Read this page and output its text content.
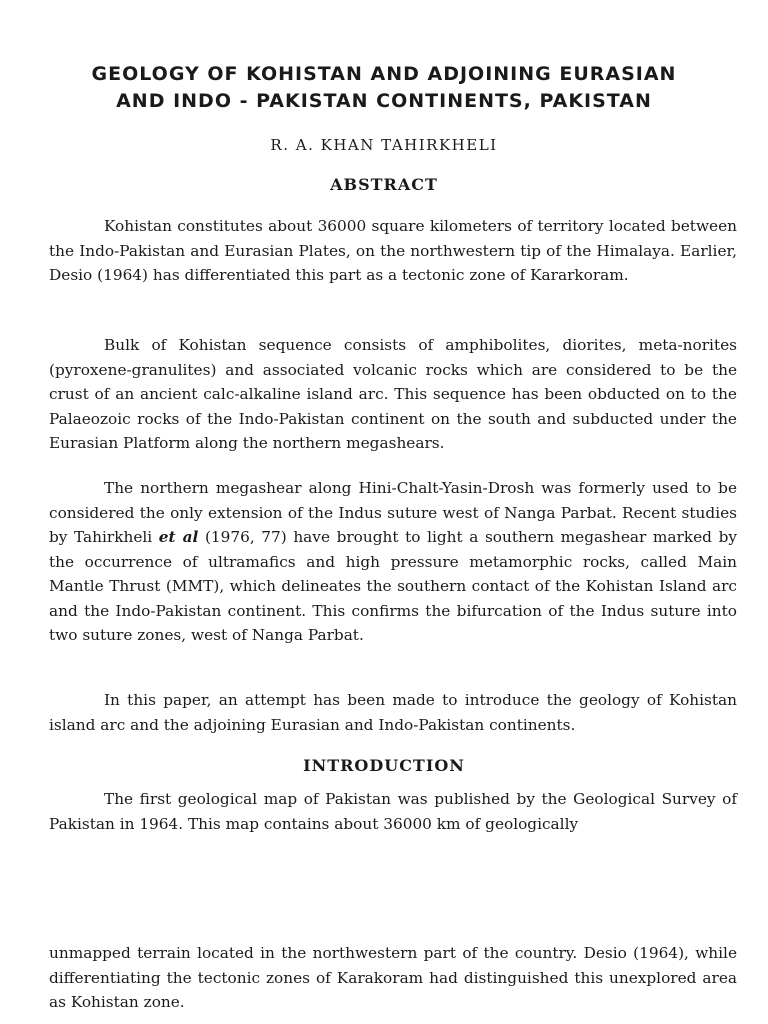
GEOLOGY OF KOHISTAN AND ADJOINING EURASIAN
AND INDO - PAKISTAN CONTINENTS, PAKISTAN

R. A. KHAN TAHIRKHELI

ABSTRACT

Kohistan constitutes about 36000 square kilometers of territory located between the Indo-Pakistan and Eurasian Plates, on the northwestern tip of the Himalaya. Earlier, Desio (1964) has differentiated this part as a tectonic zone of Kararkoram.

Bulk of Kohistan sequence consists of amphibolites, diorites, meta-norites (pyroxene-granulites) and associated volcanic rocks which are considered to be the crust of an ancient calc-alkaline island arc. This sequence has been obducted on to the Palaeozoic rocks of the Indo-Pakistan continent on the south and subducted under the Eurasian Platform along the northern megashears.

The northern megashear along Hini-Chalt-Yasin-Drosh was formerly used to be considered the only extension of the Indus suture west of Nanga Parbat. Recent studies by Tahirkheli et al (1976, 77) have brought to light a southern megashear marked by the occurrence of ultramafics and high pressure metamorphic rocks, called Main Mantle Thrust (MMT), which delineates the southern contact of the Kohistan Island arc and the Indo-Pakistan continent. This confirms the bifurcation of the Indus suture into two suture zones, west of Nanga Parbat.

In this paper, an attempt has been made to introduce the geology of Kohistan island arc and the adjoining Eurasian and Indo-Pakistan continents.

INTRODUCTION

The first geological map of Pakistan was published by the Geological Survey of Pakistan in 1964. This map contains about 36000 km of geologically

unmapped terrain located in the northwestern part of the country. Desio (1964), while differentiating the tectonic zones of Karakoram had distinguished this unexplored area as Kohistan zone.
